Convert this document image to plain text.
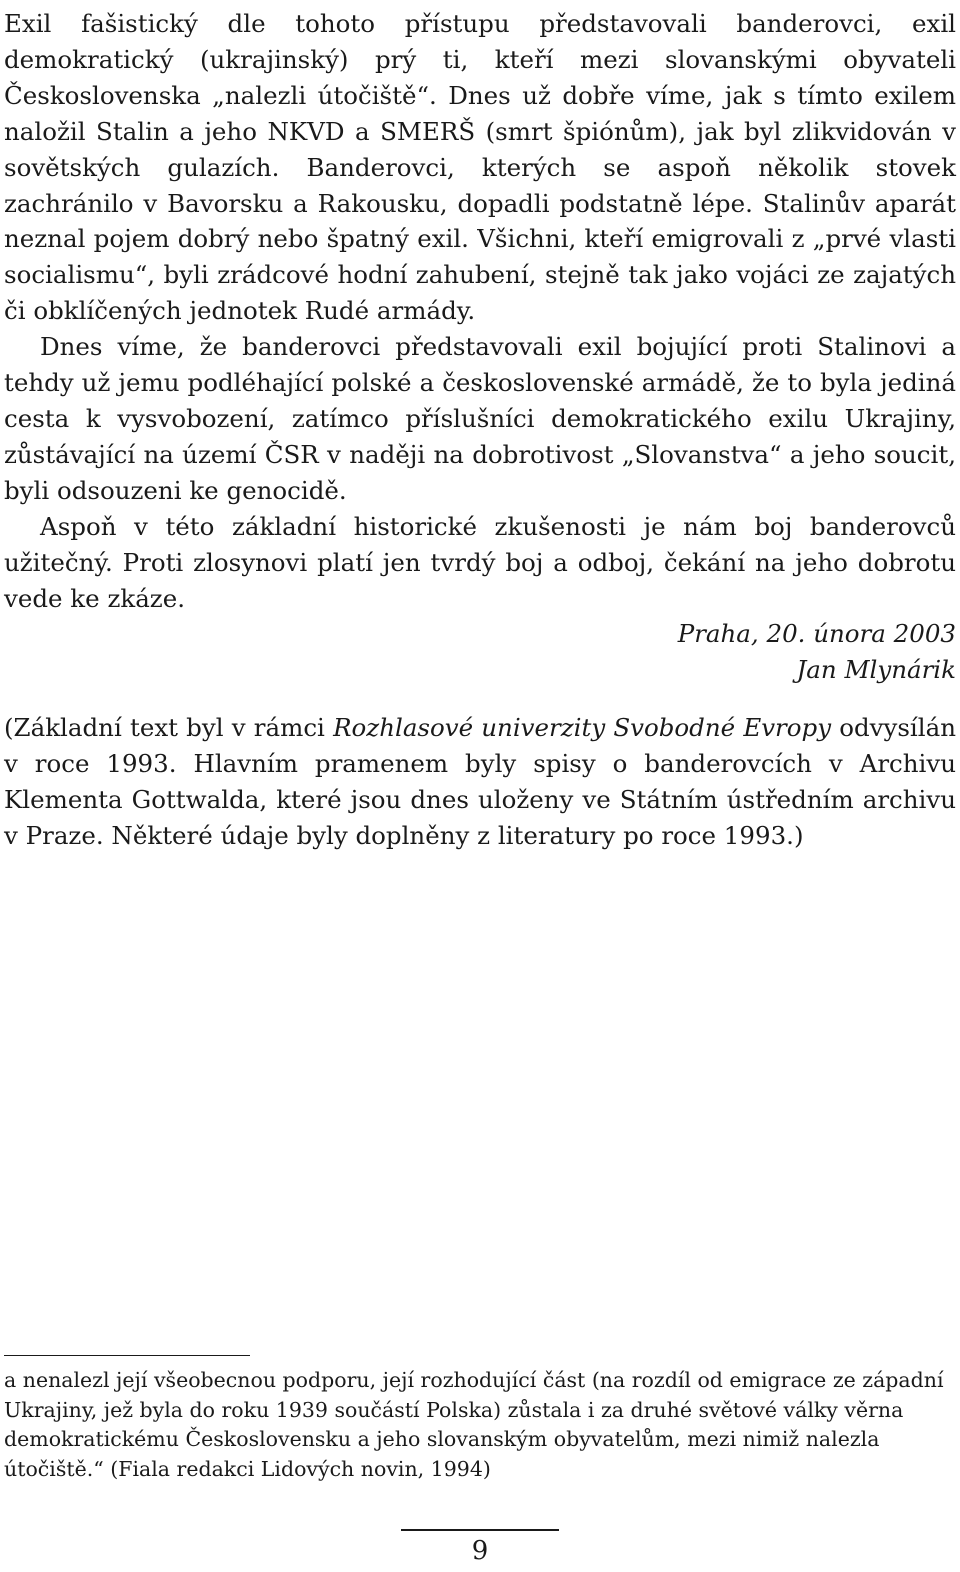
Exil fašistický dle tohoto přístupu představovali banderovci, exil demokratický (ukrajinský) prý ti, kteří mezi slovanskými obyvateli Československa „nalezli útočiště“. Dnes už dobře víme, jak s tímto exilem naložil Stalin a jeho NKVD a SMERŠ (smrt špiónům), jak byl zlikvidován v sovětských gulazích. Banderovci, kterých se aspoň několik stovek zachránilo v Bavorsku a Rakousku, dopadli podstatně lépe. Stalinův aparát neznal pojem dobrý nebo špatný exil. Všichni, kteří emigrovali z „prvé vlasti socialismu“, byli zrádcové hodní zahubení, stejně tak jako vojáci ze zajatých či obklíčených jednotek Rudé armády.

Dnes víme, že banderovci představovali exil bojující proti Stalinovi a tehdy už jemu podléhající polské a československé armádě, že to byla jediná cesta k vysvobození, zatímco příslušníci demokratického exilu Ukrajiny, zůstávající na území ČSR v naději na dobrotivost „Slovanstva“ a jeho soucit, byli odsouzeni ke genocidě.

Aspoň v této základní historické zkušenosti je nám boj banderovců užitečný. Proti zlosynovi platí jen tvrdý boj a odboj, čekání na jeho dobrotu vede ke zkáze.

Praha, 20. února 2003

Jan Mlynárik

(Základní text byl v rámci Rozhlasové univerzity Svobodné Evropy odvysílán v roce 1993. Hlavním pramenem byly spisy o banderovcích v Archivu Klementa Gottwalda, které jsou dnes uloženy ve Státním ústředním archivu v Praze. Některé údaje byly doplněny z literatury po roce 1993.)

a nenalezl její všeobecnou podporu, její rozhodující část (na rozdíl od emigrace ze západní Ukrajiny, jež byla do roku 1939 součástí Polska) zůstala i za druhé světové války věrna demokratickému Československu a jeho slovanským obyvatelům, mezi nimiž nalezla útočiště.“ (Fiala redakci Lidových novin, 1994)

9
